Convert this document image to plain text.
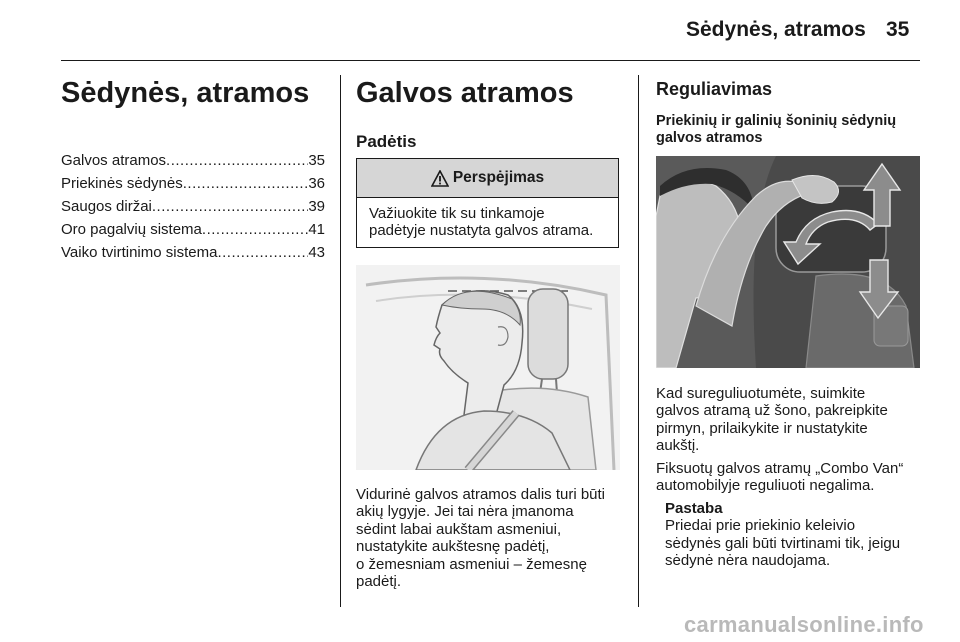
Sėdynės, atramos 35
Sėdynės, atramos
Galvos atramos .....	35
Priekinės sėdynės .....	36
Saugos diržai .....	39
Oro pagalvių sistema .....	41
Vaiko tvirtinimo sistema .....	43
Galvos atramos
Padėtis
Perspėjimas
Važiuokite tik su tinkamoje
padėtyje nustatyta galvos atrama.
Vidurinė galvos atramos dalis turi būti
akių lygyje. Jei tai nėra įmanoma
sėdint labai aukštam asmeniui,
nustatykite aukštesnę padėtį,
o žemesniam asmeniui – žemesnę
padėtį.
Reguliavimas
Priekinių ir galinių šoninių sėdynių
galvos atramos
Kad sureguliuotumėte, suimkite
galvos atramą už šono, pakreipkite
pirmyn, prilaikykite ir nustatykite
aukštį.
Fiksuotų galvos atramų „Combo Van“
automobilyje reguliuoti negalima.
Pastaba
Priedai prie priekinio keleivio
sėdynės gali būti tvirtinami tik, jeigu
sėdynė nėra naudojama.
carmanualsonline.info
